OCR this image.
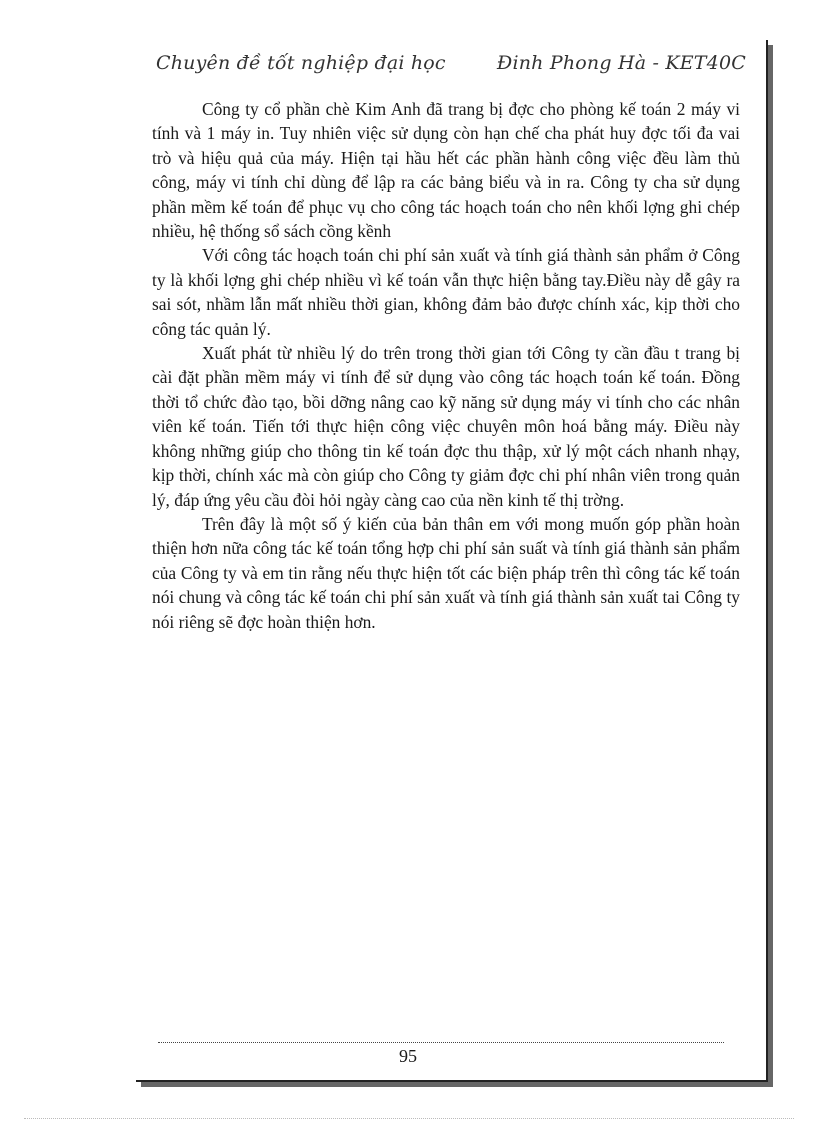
Chuyên đề tốt nghiệp đại học	Đinh Phong Hà - KET40C

Công ty cổ phần chè Kim Anh đã trang bị đợc cho phòng kế toán 2 máy vi tính và 1 máy in. Tuy nhiên việc sử dụng còn hạn chế cha phát huy đợc tối đa vai trò và hiệu quả của máy. Hiện tại hầu hết các phần hành công việc đều làm thủ công, máy vi tính chỉ dùng để lập ra các bảng biểu và in ra. Công ty cha sử dụng phần mềm kế toán để phục vụ cho công tác hoạch toán cho nên khối lợng ghi chép nhiều, hệ thống sổ sách cồng kềnh

Với công tác hoạch toán chi phí sản xuất và tính giá thành sản phẩm ở Công ty là khối lợng ghi chép nhiều vì kế toán vẫn thực hiện bằng tay.Điều này dễ gây ra sai sót, nhầm lẫn mất nhiều thời gian, không đảm bảo được chính xác, kịp thời cho công tác quản lý.

Xuất phát từ nhiều lý do trên trong thời gian tới Công ty cần đầu t trang bị cài đặt phần mềm máy vi tính để sử dụng vào công tác hoạch toán kế toán. Đồng thời tổ chức đào tạo, bồi dỡng nâng cao kỹ năng sử dụng máy vi tính cho các nhân viên kế toán. Tiến tới thực hiện công việc chuyên môn hoá bằng máy. Điều này không những giúp cho thông tin kế toán đợc thu thập, xử lý một cách nhanh nhạy, kịp thời, chính xác mà còn giúp cho Công ty giảm đợc chi phí nhân viên trong quản lý, đáp ứng yêu cầu đòi hỏi ngày càng cao của nền kinh tế thị trờng.

Trên đây là một số ý kiến của bản thân em với mong muốn góp phần hoàn thiện hơn nữa công tác kế toán tổng hợp chi phí sản suất và tính giá thành sản phẩm của Công ty và em tin rằng nếu thực hiện tốt các biện pháp trên thì công tác kế toán nói chung và công tác kế toán chi phí sản xuất và tính giá thành sản xuất tai Công ty nói riêng sẽ đợc hoàn thiện hơn.

95
